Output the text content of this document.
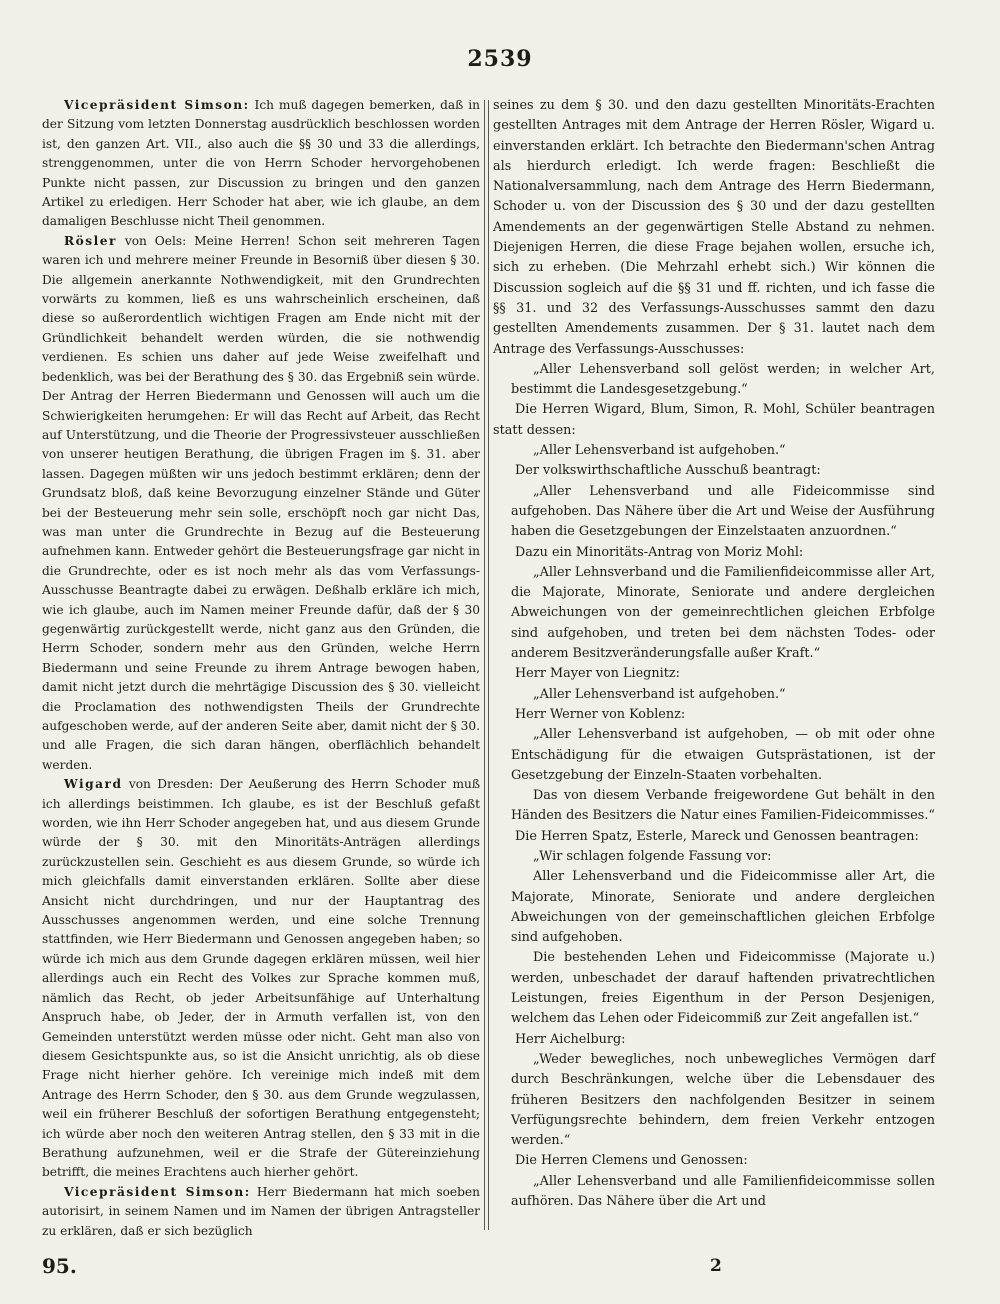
2539

Vicepräsident Simson: Ich muß dagegen bemerken, daß in der Sitzung vom letzten Donnerstag ausdrücklich beschlossen worden ist, den ganzen Art. VII., also auch die §§ 30 und 33 die allerdings, strenggenommen, unter die von Herrn Schoder hervorgehobenen Punkte nicht passen, zur Discussion zu bringen und den ganzen Artikel zu erledigen. Herr Schoder hat aber, wie ich glaube, an dem damaligen Beschlusse nicht Theil genommen.

Rösler von Oels: Meine Herren! Schon seit mehreren Tagen waren ich und mehrere meiner Freunde in Besorniß über diesen § 30. Die allgemein anerkannte Nothwendigkeit, mit den Grundrechten vorwärts zu kommen, ließ es uns wahrscheinlich erscheinen, daß diese so außerordentlich wichtigen Fragen am Ende nicht mit der Gründlichkeit behandelt werden würden, die sie nothwendig verdienen. Es schien uns daher auf jede Weise zweifelhaft und bedenklich, was bei der Berathung des § 30. das Ergebniß sein würde. Der Antrag der Herren Biedermann und Genossen will auch um die Schwierigkeiten herumgehen: Er will das Recht auf Arbeit, das Recht auf Unterstützung, und die Theorie der Progressivsteuer ausschließen von unserer heutigen Berathung, die übrigen Fragen im §. 31. aber lassen. Dagegen müßten wir uns jedoch bestimmt erklären; denn der Grundsatz bloß, daß keine Bevorzugung einzelner Stände und Güter bei der Besteuerung mehr sein solle, erschöpft noch gar nicht Das, was man unter die Grundrechte in Bezug auf die Besteuerung aufnehmen kann. Entweder gehört die Besteuerungsfrage gar nicht in die Grundrechte, oder es ist noch mehr als das vom Verfassungs-Ausschusse Beantragte dabei zu erwägen. Deßhalb erkläre ich mich, wie ich glaube, auch im Namen meiner Freunde dafür, daß der § 30 gegenwärtig zurückgestellt werde, nicht ganz aus den Gründen, die Herrn Schoder, sondern mehr aus den Gründen, welche Herrn Biedermann und seine Freunde zu ihrem Antrage bewogen haben, damit nicht jetzt durch die mehrtägige Discussion des § 30. vielleicht die Proclamation des nothwendigsten Theils der Grundrechte aufgeschoben werde, auf der anderen Seite aber, damit nicht der § 30. und alle Fragen, die sich daran hängen, oberflächlich behandelt werden.

Wigard von Dresden: Der Aeußerung des Herrn Schoder muß ich allerdings beistimmen. Ich glaube, es ist der Beschluß gefaßt worden, wie ihn Herr Schoder angegeben hat, und aus diesem Grunde würde der § 30. mit den Minoritäts-Anträgen allerdings zurückzustellen sein. Geschieht es aus diesem Grunde, so würde ich mich gleichfalls damit einverstanden erklären. Sollte aber diese Ansicht nicht durchdringen, und nur der Hauptantrag des Ausschusses angenommen werden, und eine solche Trennung stattfinden, wie Herr Biedermann und Genossen angegeben haben; so würde ich mich aus dem Grunde dagegen erklären müssen, weil hier allerdings auch ein Recht des Volkes zur Sprache kommen muß, nämlich das Recht, ob jeder Arbeitsunfähige auf Unterhaltung Anspruch habe, ob Jeder, der in Armuth verfallen ist, von den Gemeinden unterstützt werden müsse oder nicht. Geht man also von diesem Gesichtspunkte aus, so ist die Ansicht unrichtig, als ob diese Frage nicht hierher gehöre. Ich vereinige mich indeß mit dem Antrage des Herrn Schoder, den § 30. aus dem Grunde wegzulassen, weil ein früherer Beschluß der sofortigen Berathung entgegensteht; ich würde aber noch den weiteren Antrag stellen, den § 33 mit in die Berathung aufzunehmen, weil er die Strafe der Gütereinziehung betrifft, die meines Erachtens auch hierher gehört.

Vicepräsident Simson: Herr Biedermann hat mich soeben autorisirt, in seinem Namen und im Namen der übrigen Antragsteller zu erklären, daß er sich bezüglich

seines zu dem § 30. und den dazu gestellten Minoritäts-Erachten gestellten Antrages mit dem Antrage der Herren Rösler, Wigard u. einverstanden erklärt. Ich betrachte den Biedermann'schen Antrag als hierdurch erledigt. Ich werde fragen: Beschließt die Nationalversammlung, nach dem Antrage des Herrn Biedermann, Schoder u. von der Discussion des § 30 und der dazu gestellten Amendements an der gegenwärtigen Stelle Abstand zu nehmen. Diejenigen Herren, die diese Frage bejahen wollen, ersuche ich, sich zu erheben. (Die Mehrzahl erhebt sich.) Wir können die Discussion sogleich auf die §§ 31 und ff. richten, und ich fasse die §§ 31. und 32 des Verfassungs-Ausschusses sammt den dazu gestellten Amendements zusammen. Der § 31. lautet nach dem Antrage des Verfassungs-Ausschusses:

„Aller Lehensverband soll gelöst werden; in welcher Art, bestimmt die Landesgesetzgebung.“

Die Herren Wigard, Blum, Simon, R. Mohl, Schüler beantragen statt dessen:

„Aller Lehensverband ist aufgehoben.“

Der volkswirthschaftliche Ausschuß beantragt:

„Aller Lehensverband und alle Fideicommisse sind aufgehoben. Das Nähere über die Art und Weise der Ausführung haben die Gesetzgebungen der Einzelstaaten anzuordnen.“

Dazu ein Minoritäts-Antrag von Moriz Mohl:

„Aller Lehnsverband und die Familienfideicommisse aller Art, die Majorate, Minorate, Seniorate und andere dergleichen Abweichungen von der gemeinrechtlichen gleichen Erbfolge sind aufgehoben, und treten bei dem nächsten Todes- oder anderem Besitzveränderungsfalle außer Kraft.“

Herr Mayer von Liegnitz:

„Aller Lehensverband ist aufgehoben.“

Herr Werner von Koblenz:

„Aller Lehensverband ist aufgehoben, — ob mit oder ohne Entschädigung für die etwaigen Gutsprästationen, ist der Gesetzgebung der Einzeln-Staaten vorbehalten.

Das von diesem Verbande freigewordene Gut behält in den Händen des Besitzers die Natur eines Familien-Fideicommisses.“

Die Herren Spatz, Esterle, Mareck und Genossen beantragen:

„Wir schlagen folgende Fassung vor:

Aller Lehensverband und die Fideicommisse aller Art, die Majorate, Minorate, Seniorate und andere dergleichen Abweichungen von der gemeinschaftlichen gleichen Erbfolge sind aufgehoben.

Die bestehenden Lehen und Fideicommisse (Majorate u.) werden, unbeschadet der darauf haftenden privatrechtlichen Leistungen, freies Eigenthum in der Person Desjenigen, welchem das Lehen oder Fideicommiß zur Zeit angefallen ist.“

Herr Aichelburg:

„Weder bewegliches, noch unbewegliches Vermögen darf durch Beschränkungen, welche über die Lebensdauer des früheren Besitzers den nachfolgenden Besitzer in seinem Verfügungsrechte behindern, dem freien Verkehr entzogen werden.“

Die Herren Clemens und Genossen:

„Aller Lehensverband und alle Familienfideicommisse sollen aufhören. Das Nähere über die Art und

95.	2
